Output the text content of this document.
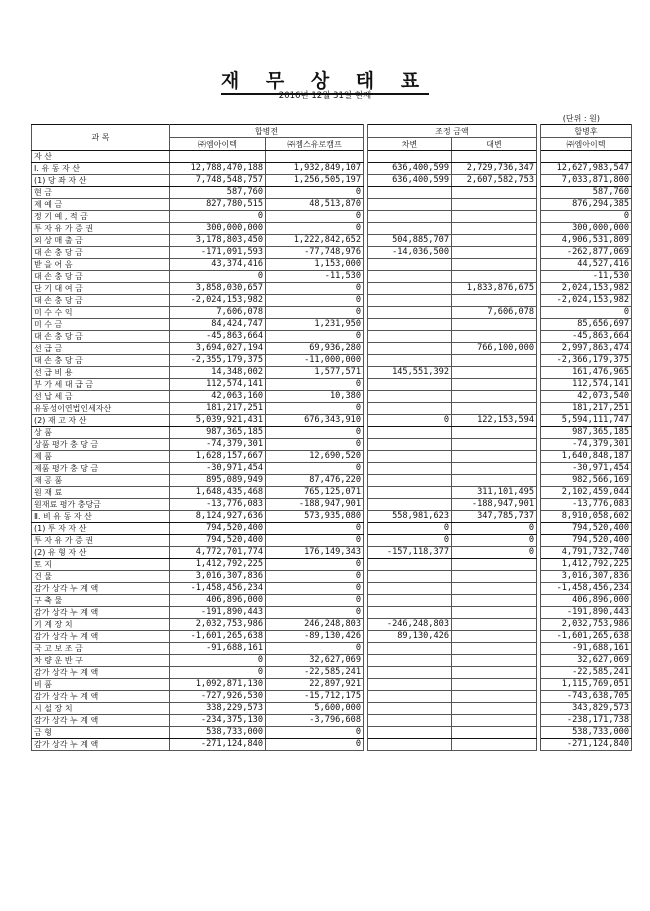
재 무 상 태 표
2016년 12월 31일 현재
(단위 : 원)
과 목	합병전			조정 금액			합병후
	㈜엠아이텍	㈜젬스유로캠프		차변	대변		㈜엠아이텍
자 산							
Ⅰ. 유 동 자 산	12,788,470,188	1,932,849,107		636,400,599	2,729,736,347		12,627,983,547
(1) 당 좌 자 산	7,748,548,757	1,256,505,197		636,400,599	2,607,582,753		7,033,871,800
현 금	587,760	0					587,760
제 예 금	827,780,515	48,513,870					876,294,385
정 기 예 , 적 금	0	0					0
투 자 유 가 증 권	300,000,000	0					300,000,000
외 상 매 출 금	3,178,803,450	1,222,842,652		504,885,707			4,906,531,809
대 손 충 당 금	-171,091,593	-77,748,976		-14,036,500			-262,877,069
받 을 어 음	43,374,416	1,153,000					44,527,416
대 손 충 당 금	0	-11,530					-11,530
단 기 대 여 금	3,858,030,657	0			1,833,876,675		2,024,153,982
대 손 충 당 금	-2,024,153,982	0					-2,024,153,982
미 수 수 익	7,606,078	0			7,606,078		0
미 수 금	84,424,747	1,231,950					85,656,697
대 손 충 당 금	-45,863,664	0					-45,863,664
선 급 금	3,694,027,194	69,936,280			766,100,000		2,997,863,474
대 손 충 당 금	-2,355,179,375	-11,000,000					-2,366,179,375
선 급 비 용	14,348,002	1,577,571		145,551,392			161,476,965
부 가 세 대 급 금	112,574,141	0					112,574,141
선 납 세 금	42,063,160	10,380					42,073,540
유동성이연법인세자산	181,217,251	0					181,217,251
(2) 재 고 자 산	5,039,921,431	676,343,910		0	122,153,594		5,594,111,747
상 품	987,365,185	0					987,365,185
상품 평가 충 당 금	-74,379,301	0					-74,379,301
제 품	1,628,157,667	12,690,520					1,640,848,187
제품 평가 충 당 금	-30,971,454	0					-30,971,454
재 공 품	895,089,949	87,476,220					982,566,169
원 재 료	1,648,435,468	765,125,071			311,101,495		2,102,459,044
원재료 평가 충당금	-13,776,083	-188,947,901			-188,947,901		-13,776,083
Ⅱ. 비 유 동 자 산	8,124,927,636	573,935,080		558,981,623	347,785,737		8,910,058,602
(1) 투 자 자 산	794,520,400	0		0	0		794,520,400
투 자 유 가 증 권	794,520,400	0		0	0		794,520,400
(2) 유 형 자 산	4,772,701,774	176,149,343		-157,118,377	0		4,791,732,740
토 지	1,412,792,225	0					1,412,792,225
건 물	3,016,307,836	0					3,016,307,836
감가 상각 누 계 액	-1,458,456,234	0					-1,458,456,234
구 축 물	406,896,000	0					406,896,000
감가 상각 누 계 액	-191,890,443	0					-191,890,443
기 계 장 치	2,032,753,986	246,248,803		-246,248,803			2,032,753,986
감가 상각 누 계 액	-1,601,265,638	-89,130,426		89,130,426			-1,601,265,638
국 고 보 조 금	-91,688,161	0					-91,688,161
차 량 운 반 구	0	32,627,069					32,627,069
감가 상각 누 계 액	0	-22,585,241					-22,585,241
비 품	1,092,871,130	22,897,921					1,115,769,051
감가 상각 누 계 액	-727,926,530	-15,712,175					-743,638,705
시 설 장 치	338,229,573	5,600,000					343,829,573
감가 상각 누 계 액	-234,375,130	-3,796,608					-238,171,738
금 형	538,733,000	0					538,733,000
감가 상각 누 계 액	-271,124,840	0					-271,124,840
